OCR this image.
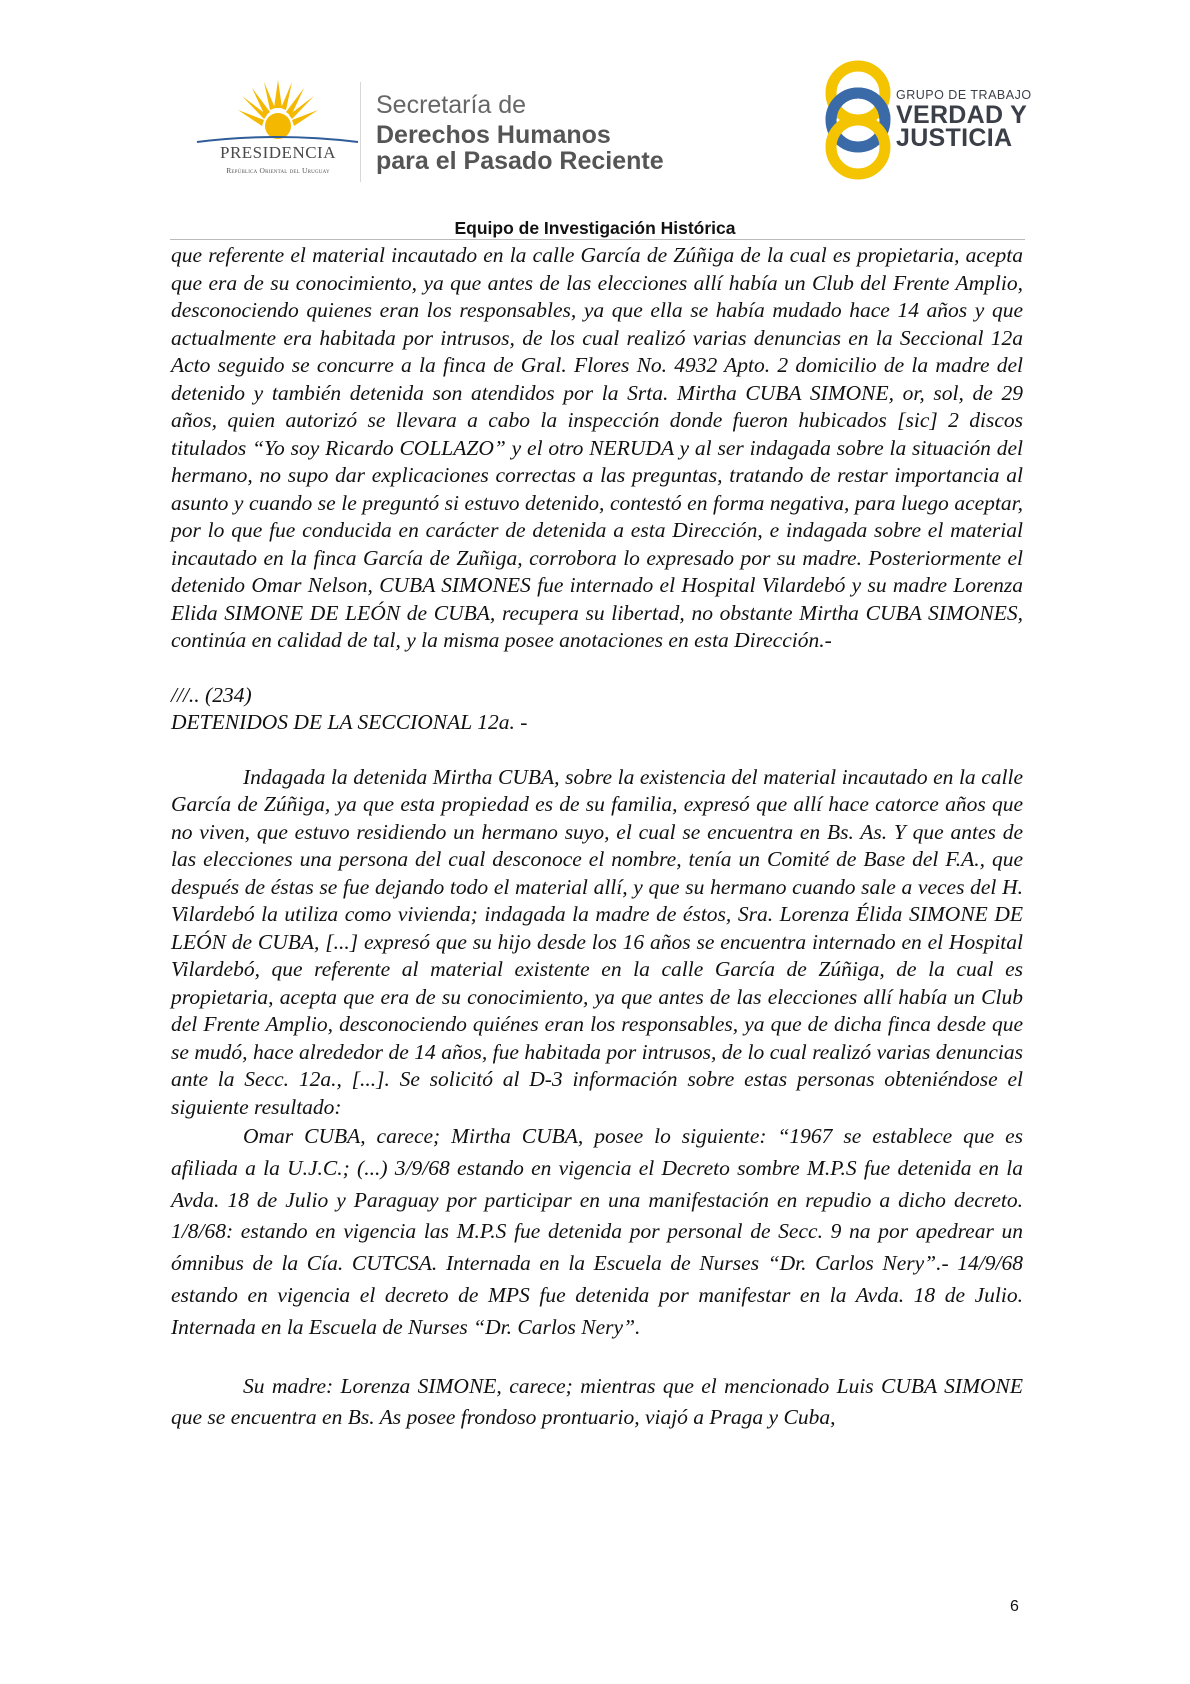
PRESIDENCIA
República Oriental del Uruguay
Secretaría de
Derechos Humanos
para el Pasado Reciente
GRUPO DE TRABAJO
VERDAD Y
JUSTICIA
Equipo de Investigación Histórica

que referente el material incautado en la calle García de Zúñiga de la cual es propietaria, acepta que era de su conocimiento, ya que antes de las elecciones allí había un Club del Frente Amplio, desconociendo quienes eran los responsables, ya que ella se había mudado hace 14 años y que actualmente era habitada por intrusos, de los cual realizó varias denuncias en la Seccional 12a Acto seguido se concurre a la finca de Gral. Flores No. 4932 Apto. 2 domicilio de la madre del detenido y también detenida son atendidos por la Srta. Mirtha CUBA SIMONE, or, sol, de 29 años, quien autorizó se llevara a cabo la inspección donde fueron hubicados [sic] 2 discos titulados “Yo soy Ricardo COLLAZO” y el otro NERUDA y al ser indagada sobre la situación del hermano, no supo dar explicaciones correctas a las preguntas, tratando de restar importancia al asunto y cuando se le preguntó si estuvo detenido, contestó en forma negativa, para luego aceptar, por lo que fue conducida en carácter de detenida a esta Dirección, e indagada sobre el material incautado en la finca García de Zuñiga, corrobora lo expresado por su madre. Posteriormente el detenido Omar Nelson, CUBA SIMONES fue internado el Hospital Vilardebó y su madre Lorenza Elida SIMONE DE LEÓN de CUBA, recupera su libertad, no obstante Mirtha CUBA SIMONES, continúa en calidad de tal, y la misma posee anotaciones en esta Dirección.-

///.. (234)

DETENIDOS DE LA SECCIONAL 12a. -

Indagada la detenida Mirtha CUBA, sobre la existencia del material incautado en la calle García de Zúñiga, ya que esta propiedad es de su familia, expresó que allí hace catorce años que no viven, que estuvo residiendo un hermano suyo, el cual se encuentra en Bs. As. Y que antes de las elecciones una persona del cual desconoce el nombre, tenía un Comité de Base del F.A., que después de éstas se fue dejando todo el material allí, y que su hermano cuando sale a veces del H. Vilardebó la utiliza como vivienda; indagada la madre de éstos, Sra. Lorenza Élida SIMONE DE LEÓN de CUBA, [...] expresó que su hijo desde los 16 años se encuentra internado en el Hospital Vilardebó, que referente al material existente en la calle García de Zúñiga, de la cual es propietaria, acepta que era de su conocimiento, ya que antes de las elecciones allí había un Club del Frente Amplio, desconociendo quiénes eran los responsables, ya que de dicha finca desde que se mudó, hace alrededor de 14 años, fue habitada por intrusos, de lo cual realizó varias denuncias ante la Secc. 12a., [...]. Se solicitó al D-3 información sobre estas personas obteniéndose el siguiente resultado:

Omar CUBA, carece; Mirtha CUBA, posee lo siguiente: “1967 se establece que es afiliada a la U.J.C.; (...) 3/9/68 estando en vigencia el Decreto sombre M.P.S fue detenida en la Avda. 18 de Julio y Paraguay por participar en una manifestación en repudio a dicho decreto. 1/8/68: estando en vigencia las M.P.S fue detenida por personal de Secc. 9 na por apedrear un ómnibus de la Cía. CUTCSA. Internada en la Escuela de Nurses “Dr. Carlos Nery”.- 14/9/68 estando en vigencia el decreto de MPS fue detenida por manifestar en la Avda. 18 de Julio. Internada en la Escuela de Nurses “Dr. Carlos Nery”.

Su madre: Lorenza SIMONE, carece; mientras que el mencionado Luis CUBA SIMONE que se encuentra en Bs. As posee frondoso prontuario, viajó a Praga y Cuba,

6
